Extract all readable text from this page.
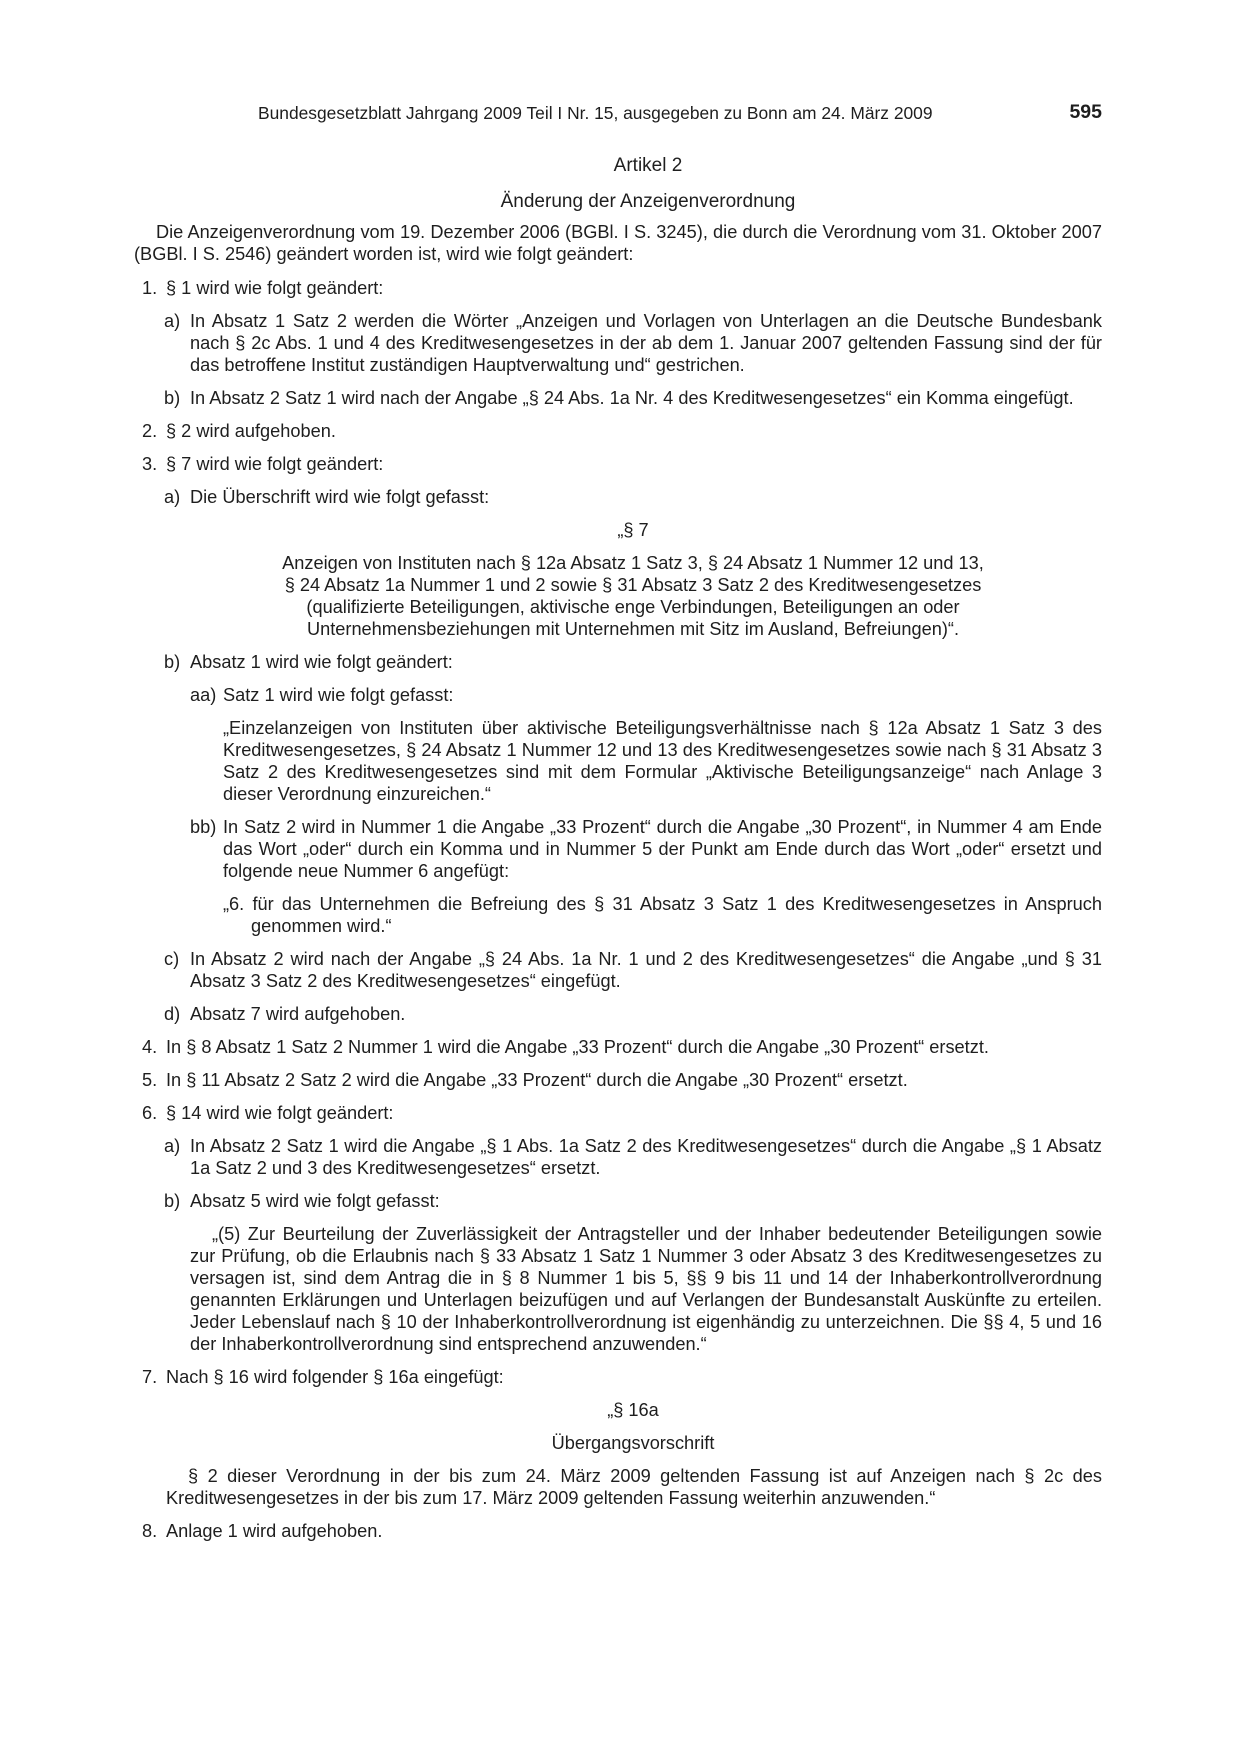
Bundesgesetzblatt Jahrgang 2009 Teil I Nr. 15, ausgegeben zu Bonn am 24. März 2009	595

Artikel 2

Änderung der Anzeigenverordnung

Die Anzeigenverordnung vom 19. Dezember 2006 (BGBl. I S. 3245), die durch die Verordnung vom 31. Oktober 2007 (BGBl. I S. 2546) geändert worden ist, wird wie folgt geändert:

1. § 1 wird wie folgt geändert:
a) In Absatz 1 Satz 2 werden die Wörter „Anzeigen und Vorlagen von Unterlagen an die Deutsche Bundesbank nach § 2c Abs. 1 und 4 des Kreditwesengesetzes in der ab dem 1. Januar 2007 geltenden Fassung sind der für das betroffene Institut zuständigen Hauptverwaltung und“ gestrichen.
b) In Absatz 2 Satz 1 wird nach der Angabe „§ 24 Abs. 1a Nr. 4 des Kreditwesengesetzes“ ein Komma eingefügt.
2. § 2 wird aufgehoben.
3. § 7 wird wie folgt geändert:
a) Die Überschrift wird wie folgt gefasst:

„§ 7

Anzeigen von Instituten nach § 12a Absatz 1 Satz 3, § 24 Absatz 1 Nummer 12 und 13,
§ 24 Absatz 1a Nummer 1 und 2 sowie § 31 Absatz 3 Satz 2 des Kreditwesengesetzes
(qualifizierte Beteiligungen, aktivische enge Verbindungen, Beteiligungen an oder
Unternehmensbeziehungen mit Unternehmen mit Sitz im Ausland, Befreiungen)“.
b) Absatz 1 wird wie folgt geändert:
aa) Satz 1 wird wie folgt gefasst:

„Einzelanzeigen von Instituten über aktivische Beteiligungsverhältnisse nach § 12a Absatz 1 Satz 3 des Kreditwesengesetzes, § 24 Absatz 1 Nummer 12 und 13 des Kreditwesengesetzes sowie nach § 31 Absatz 3 Satz 2 des Kreditwesengesetzes sind mit dem Formular „Aktivische Beteiligungsanzeige“ nach Anlage 3 dieser Verordnung einzureichen.“

bb) In Satz 2 wird in Nummer 1 die Angabe „33 Prozent“ durch die Angabe „30 Prozent“, in Nummer 4 am Ende das Wort „oder“ durch ein Komma und in Nummer 5 der Punkt am Ende durch das Wort „oder“ ersetzt und folgende neue Nummer 6 angefügt:

„6. für das Unternehmen die Befreiung des § 31 Absatz 3 Satz 1 des Kreditwesengesetzes in Anspruch genommen wird.“

c) In Absatz 2 wird nach der Angabe „§ 24 Abs. 1a Nr. 1 und 2 des Kreditwesengesetzes“ die Angabe „und § 31 Absatz 3 Satz 2 des Kreditwesengesetzes“ eingefügt.
d) Absatz 7 wird aufgehoben.
4. In § 8 Absatz 1 Satz 2 Nummer 1 wird die Angabe „33 Prozent“ durch die Angabe „30 Prozent“ ersetzt.
5. In § 11 Absatz 2 Satz 2 wird die Angabe „33 Prozent“ durch die Angabe „30 Prozent“ ersetzt.
6. § 14 wird wie folgt geändert:
a) In Absatz 2 Satz 1 wird die Angabe „§ 1 Abs. 1a Satz 2 des Kreditwesengesetzes“ durch die Angabe „§ 1 Absatz 1a Satz 2 und 3 des Kreditwesengesetzes“ ersetzt.
b) Absatz 5 wird wie folgt gefasst:

„(5) Zur Beurteilung der Zuverlässigkeit der Antragsteller und der Inhaber bedeutender Beteiligungen sowie zur Prüfung, ob die Erlaubnis nach § 33 Absatz 1 Satz 1 Nummer 3 oder Absatz 3 des Kreditwesengesetzes zu versagen ist, sind dem Antrag die in § 8 Nummer 1 bis 5, §§ 9 bis 11 und 14 der Inhaberkontrollverordnung genannten Erklärungen und Unterlagen beizufügen und auf Verlangen der Bundesanstalt Auskünfte zu erteilen. Jeder Lebenslauf nach § 10 der Inhaberkontrollverordnung ist eigenhändig zu unterzeichnen. Die §§ 4, 5 und 16 der Inhaberkontrollverordnung sind entsprechend anzuwenden.“

7. Nach § 16 wird folgender § 16a eingefügt:

„§ 16a

Übergangsvorschrift

§ 2 dieser Verordnung in der bis zum 24. März 2009 geltenden Fassung ist auf Anzeigen nach § 2c des Kreditwesengesetzes in der bis zum 17. März 2009 geltenden Fassung weiterhin anzuwenden.“

8. Anlage 1 wird aufgehoben.
